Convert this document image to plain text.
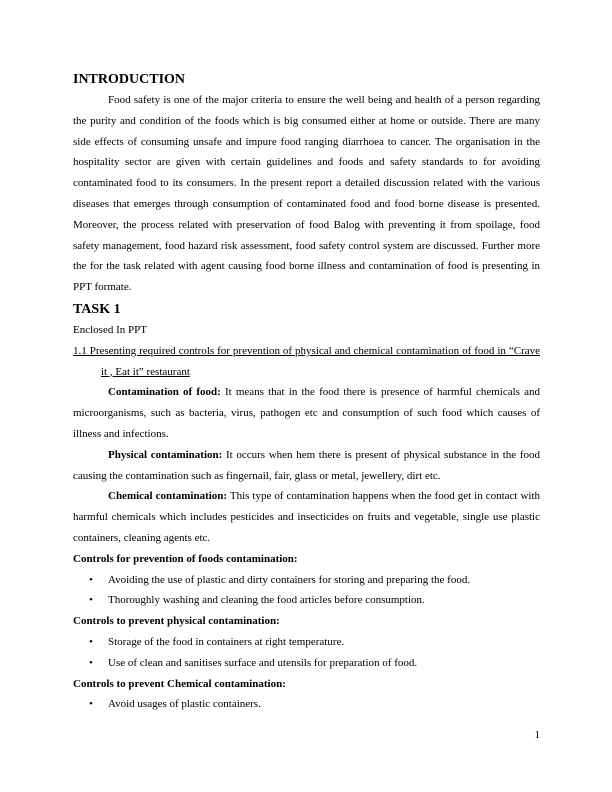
INTRODUCTION

Food safety is one of the major criteria to ensure the well being and health of a person regarding the purity and condition of the foods which is big consumed either at home or outside. There are many side effects of consuming unsafe and impure food ranging diarrhoea to cancer. The organisation in the hospitality sector are given with certain guidelines and foods and safety standards to for avoiding contaminated food to its consumers. In the present report a detailed discussion related with the various diseases that emerges through consumption of contaminated food and food borne disease is presented. Moreover, the process related with preservation of food Balog with preventing it from spoilage, food safety management, food hazard risk assessment, food safety control system are discussed. Further more the for the task related with agent causing food borne illness and contamination of food is presenting in PPT formate.

TASK 1

Enclosed In PPT

1.1 Presenting required controls for prevention of physical and chemical contamination of food in “Crave it , Eat it” restaurant

Contamination of food: It means that in the food there is presence of harmful chemicals and microorganisms, such as bacteria, virus, pathogen etc and consumption of such food which causes of illness and infections.

Physical contamination: It occurs when hem there is present of physical substance in the food causing the contamination such as fingernail, fair, glass or metal, jewellery, dirt etc.

Chemical contamination: This type of contamination happens when the food get in contact with harmful chemicals which includes pesticides and insecticides on fruits and vegetable, single use plastic containers, cleaning agents etc.

Controls for prevention of foods contamination:

• Avoiding the use of plastic and dirty containers for storing and preparing the food.
• Thoroughly washing and cleaning the food articles before consumption.

Controls to prevent physical contamination:

• Storage of the food in containers at right temperature.
• Use of clean and sanitises surface and utensils for preparation of food.

Controls to prevent Chemical contamination:

• Avoid usages of plastic containers.
1
